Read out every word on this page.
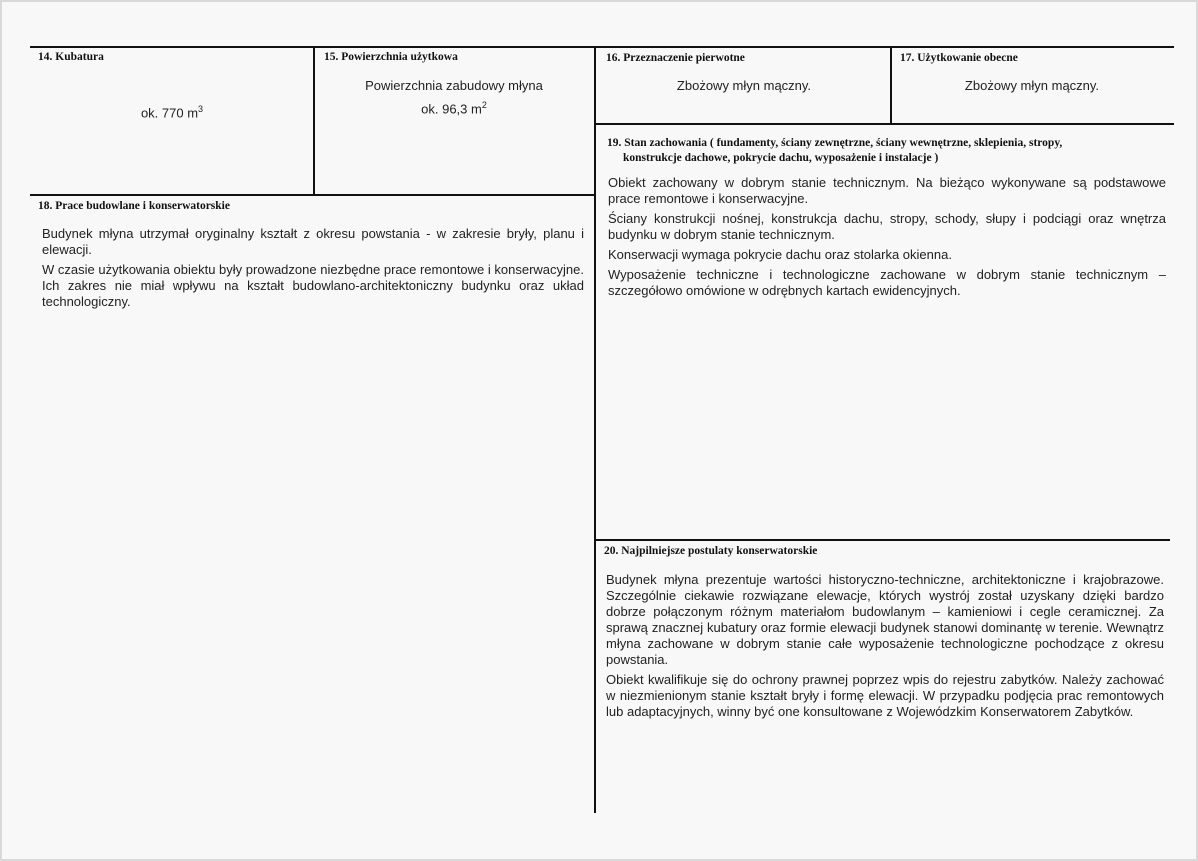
14. Kubatura
ok. 770 $m^3$
15. Powierzchnia użytkowa
Powierzchnia zabudowy młyna
ok. 96,3 $m^2$
16. Przeznaczenie pierwotne
Zbożowy młyn mączny.
17. Użytkowanie obecne
Zbożowy młyn mączny.
18. Prace budowlane i konserwatorskie

Budynek młyna utrzymał oryginalny kształt z okresu powstania - w zakresie bryły, planu i elewacji.

W czasie użytkowania obiektu były prowadzone niezbędne prace remontowe i konserwacyjne. Ich zakres nie miał wpływu na kształt budowlano-architektoniczny budynku oraz układ technologiczny.

19. Stan zachowania ( fundamenty, ściany zewnętrzne, ściany wewnętrzne, sklepienia, stropy,
konstrukcje dachowe, pokrycie dachu, wyposażenie i instalacje )

Obiekt zachowany w dobrym stanie technicznym. Na bieżąco wykonywane są podstawowe prace remontowe i konserwacyjne.

Ściany konstrukcji nośnej, konstrukcja dachu, stropy, schody, słupy i podciągi oraz wnętrza budynku w dobrym stanie technicznym.

Konserwacji wymaga pokrycie dachu oraz stolarka okienna.

Wyposażenie techniczne i technologiczne zachowane w dobrym stanie technicznym – szczegółowo omówione w odrębnych kartach ewidencyjnych.

20. Najpilniejsze postulaty konserwatorskie

Budynek młyna prezentuje wartości historyczno-techniczne, architektoniczne i krajobrazowe. Szczególnie ciekawie rozwiązane elewacje, których wystrój został uzyskany dzięki bardzo dobrze połączonym różnym materiałom budowlanym – kamieniowi i cegle ceramicznej. Za sprawą znacznej kubatury oraz formie elewacji budynek stanowi dominantę w terenie. Wewnątrz młyna zachowane w dobrym stanie całe wyposażenie technologiczne pochodzące z okresu powstania.

Obiekt kwalifikuje się do ochrony prawnej poprzez wpis do rejestru zabytków. Należy zachować w niezmienionym stanie kształt bryły i formę elewacji. W przypadku podjęcia prac remontowych lub adaptacyjnych, winny być one konsultowane z Wojewódzkim Konserwatorem Zabytków.
